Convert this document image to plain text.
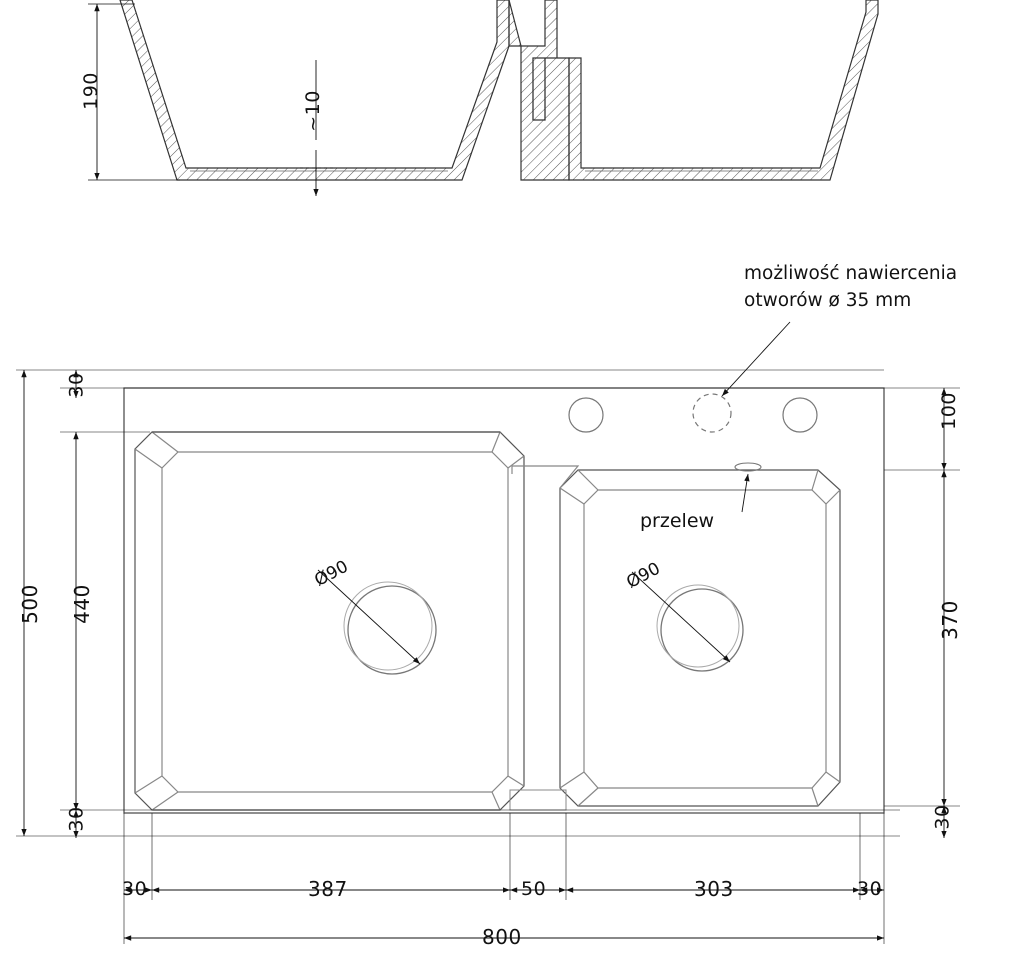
190	~10
możliwość nawiercenia
otworów ø 35 mm
przelew
Ø90	Ø90
500 440
30
30
100
370
30
30	387	50	303	30
800
